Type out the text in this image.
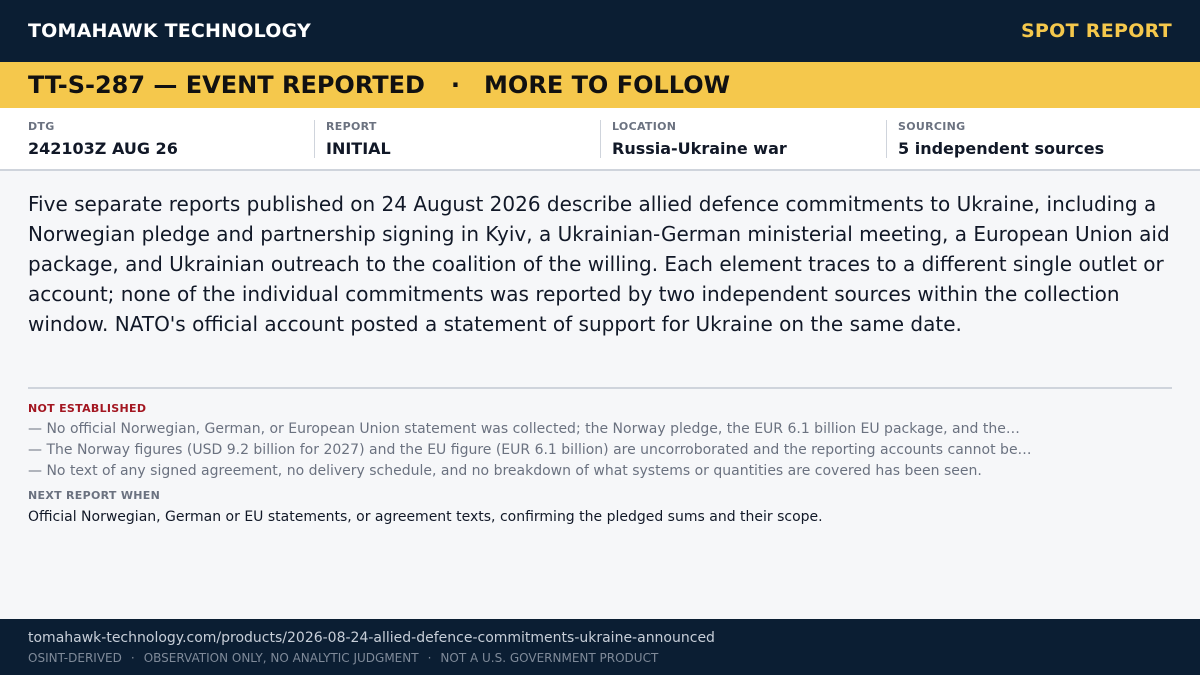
TOMAHAWK TECHNOLOGY	SPOT REPORT
TT-S-287 — EVENT REPORTED · MORE TO FOLLOW
DTG
242103Z AUG 26
REPORT
INITIAL
LOCATION
Russia-Ukraine war
SOURCING
5 independent sources

Five separate reports published on 24 August 2026 describe allied defence commitments to Ukraine, including a Norwegian pledge and partnership signing in Kyiv, a Ukrainian-German ministerial meeting, a European Union aid package, and Ukrainian outreach to the coalition of the willing. Each element traces to a different single outlet or account; none of the individual commitments was reported by two independent sources within the collection window. NATO's official account posted a statement of support for Ukraine on the same date.

NOT ESTABLISHED
— No official Norwegian, German, or European Union statement was collected; the Norway pledge, the EUR 6.1 billion EU package, and the…
— The Norway figures (USD 9.2 billion for 2027) and the EU figure (EUR 6.1 billion) are uncorroborated and the reporting accounts cannot be…
— No text of any signed agreement, no delivery schedule, and no breakdown of what systems or quantities are covered has been seen.
NEXT REPORT WHEN
Official Norwegian, German or EU statements, or agreement texts, confirming the pledged sums and their scope.
tomahawk-technology.com/products/2026-08-24-allied-defence-commitments-ukraine-announced
OSINT-DERIVED · OBSERVATION ONLY, NO ANALYTIC JUDGMENT · NOT A U.S. GOVERNMENT PRODUCT
